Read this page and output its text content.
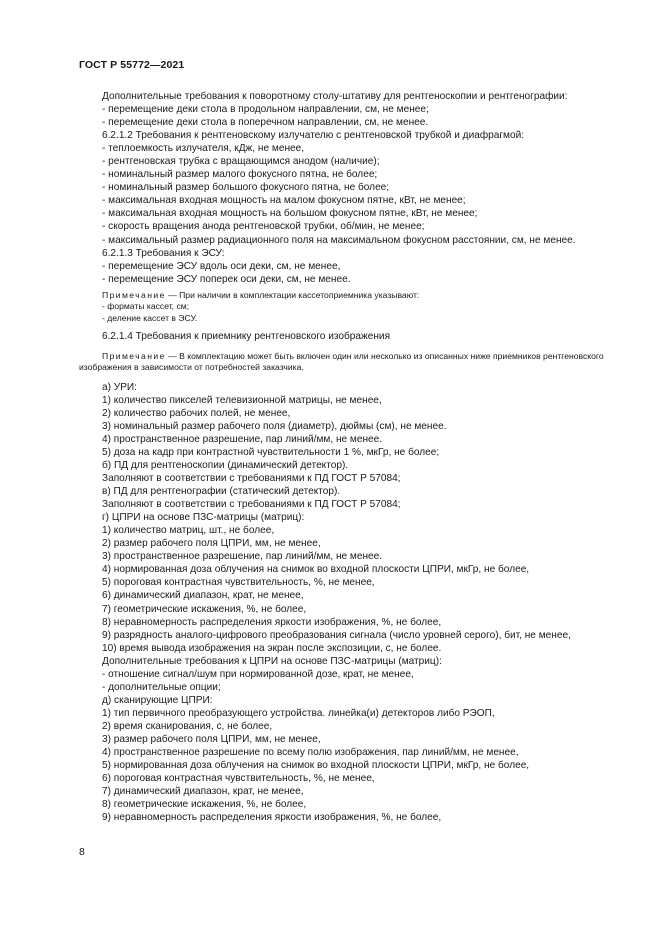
ГОСТ Р 55772—2021
Дополнительные требования к поворотному столу-штативу для рентгеноскопии и рентгенографии:
- перемещение деки стола в продольном направлении, см, не менее;
- перемещение деки стола в поперечном направлении, см, не менее.
6.2.1.2 Требования к рентгеновскому излучателю с рентгеновской трубкой и диафрагмой:
- теплоемкость излучателя, кДж, не менее,
- рентгеновская трубка с вращающимся анодом (наличие);
- номинальный размер малого фокусного пятна, не более;
- номинальный размер большого фокусного пятна, не более;
- максимальная входная мощность на малом фокусном пятне, кВт, не менее;
- максимальная входная мощность на большом фокусном пятне, кВт, не менее;
- скорость вращения анода рентгеновской трубки, об/мин, не менее;
- максимальный размер радиационного поля на максимальном фокусном расстоянии, см, не менее.
6.2.1.3 Требования к ЭСУ:
- перемещение ЭСУ вдоль оси деки, см, не менее,
- перемещение ЭСУ поперек оси деки, см, не менее.
Примечание — При наличии в комплектации кассетоприемника указывают:
- форматы кассет, см;
- деление кассет в ЭСУ.
6.2.1.4 Требования к приемнику рентгеновского изображения
Примечание — В комплектацию может быть включен один или несколько из описанных ниже приемников рентгеновского изображения в зависимости от потребностей заказчика.
а) УРИ:
1) количество пикселей телевизионной матрицы, не менее,
2) количество рабочих полей, не менее,
3) номинальный размер рабочего поля (диаметр), дюймы (см), не менее.
4) пространственное разрешение, пар линий/мм, не менее.
5) доза на кадр при контрастной чувствительности 1 %, мкГр, не более;
б) ПД для рентгеноскопии (динамический детектор).
Заполняют в соответствии с требованиями к ПД ГОСТ Р 57084;
в) ПД для рентгенографии (статический детектор).
Заполняют в соответствии с требованиями к ПД ГОСТ Р 57084;
г) ЦПРИ на основе ПЗС-матрицы (матриц):
1) количество матриц, шт., не более,
2) размер рабочего поля ЦПРИ, мм, не менее,
3) пространственное разрешение, пар линий/мм, не менее.
4) нормированная доза облучения на снимок во входной плоскости ЦПРИ, мкГр, не более,
5) пороговая контрастная чувствительность, %, не менее,
6) динамический диапазон, крат, не менее,
7) геометрические искажения, %, не более,
8) неравномерность распределения яркости изображения, %, не более,
9) разрядность аналого-цифрового преобразования сигнала (число уровней серого), бит, не менее,
10) время вывода изображения на экран после экспозиции, с, не более.
Дополнительные требования к ЦПРИ на основе ПЗС-матрицы (матриц):
- отношение сигнал/шум при нормированной дозе, крат, не менее,
- дополнительные опции;
д) сканирующие ЦПРИ:
1) тип первичного преобразующего устройства. линейка(и) детекторов либо РЭОП,
2) время сканирования, с, не более,
3) размер рабочего поля ЦПРИ, мм, не менее,
4) пространственное разрешение по всему полю изображения, пар линий/мм, не менее,
5) нормированная доза облучения на снимок во входной плоскости ЦПРИ, мкГр, не более,
6) пороговая контрастная чувствительность, %, не менее,
7) динамический диапазон, крат, не менее,
8) геометрические искажения, %, не более,
9) неравномерность распределения яркости изображения, %, не более,
8
